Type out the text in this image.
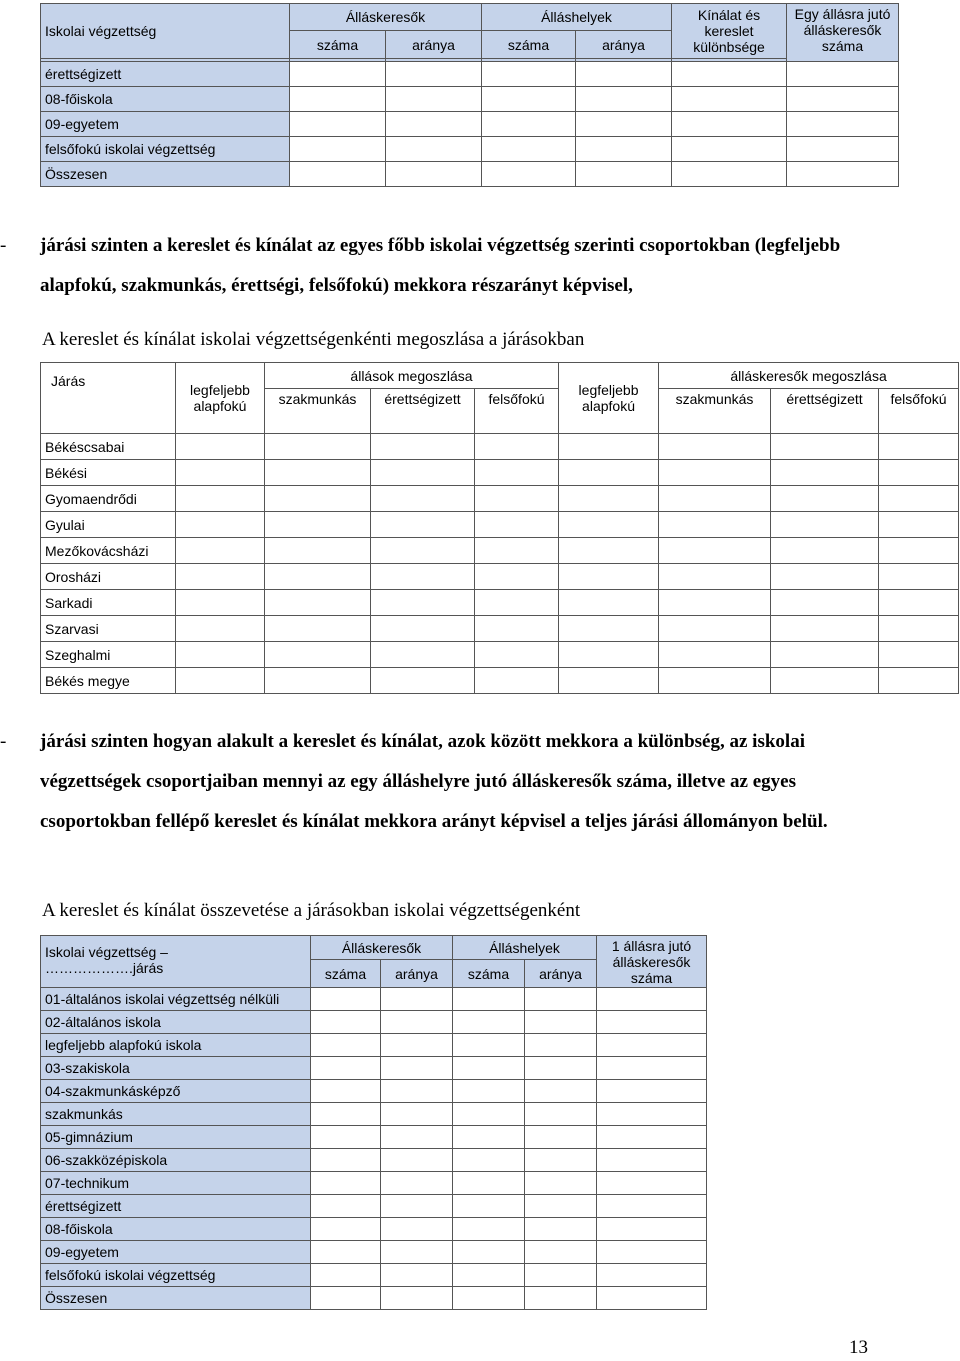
Iskolai végzettség	Álláskeresők		Álláshelyek		Kínálat és kereslet különbsége	Egy állásra jutó álláskeresők száma
	száma	aránya	száma	aránya		

érettségizett						
08-főiskola						
09-egyetem						
felsőfokú iskolai végzettség						
Összesen						
- járási szinten a kereslet és kínálat az egyes főbb iskolai végzettség szerinti csoportokban (legfeljebb alapfokú, szakmunkás, érettségi, felsőfokú) mekkora részarányt képvisel,
A kereslet és kínálat iskolai végzettségenkénti megoszlása a járásokban
Járás	legfeljebb alapfokú	állások megoszlása			legfeljebb alapfokú	álláskeresők megoszlása		
		szakmunkás	érettségizett	felsőfokú		szakmunkás	érettségizett	felsőfokú
Békéscsabai								
Békési								
Gyomaendrődi								
Gyulai								
Mezőkovácsházi								
Orosházi								
Sarkadi								
Szarvasi								
Szeghalmi								
Békés megye								
- járási szinten hogyan alakult a kereslet és kínálat, azok között mekkora a különbség, az iskolai végzettségek csoportjaiban mennyi az egy álláshelyre jutó álláskeresők száma, illetve az egyes csoportokban fellépő kereslet és kínálat mekkora arányt képvisel a teljes járási állományon belül.
A kereslet és kínálat összevetése a járásokban iskolai végzettségenként
Iskolai végzettség –
……………….járás	Álláskeresők		Álláshelyek		1 állásra jutó álláskeresők száma
	száma	aránya	száma	aránya	
01-általános iskolai végzettség nélküli					
02-általános iskola					
legfeljebb alapfokú iskola					
03-szakiskola					
04-szakmunkásképző					
szakmunkás					
05-gimnázium					
06-szakközépiskola					
07-technikum					
érettségizett					
08-főiskola					
09-egyetem					
felsőfokú iskolai végzettség					
Összesen					
13
